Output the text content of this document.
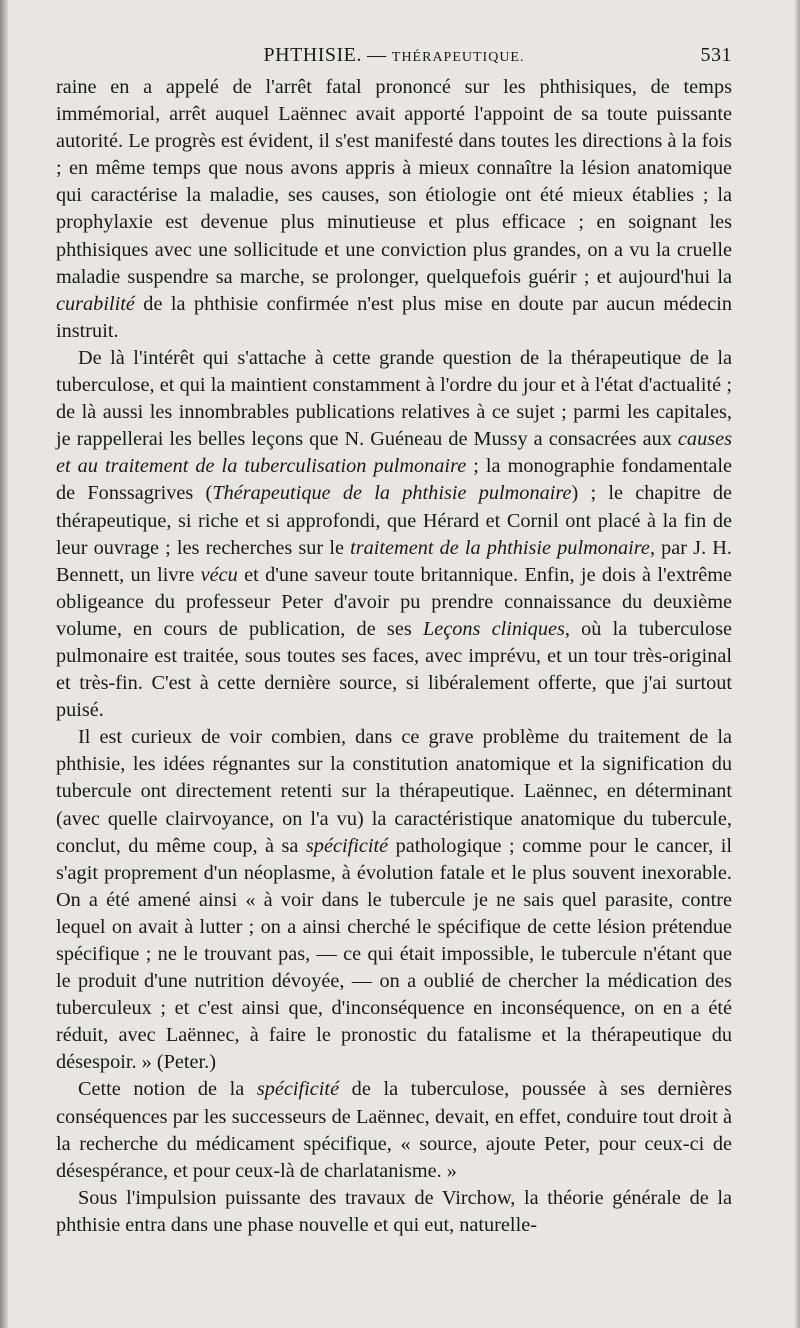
PHTHISIE. — THÉRAPEUTIQUE.	531

raine en a appelé de l'arrêt fatal prononcé sur les phthisiques, de temps immémorial, arrêt auquel Laënnec avait apporté l'appoint de sa toute puissante autorité. Le progrès est évident, il s'est manifesté dans toutes les directions à la fois ; en même temps que nous avons appris à mieux connaître la lésion anatomique qui caractérise la maladie, ses causes, son étiologie ont été mieux établies ; la prophylaxie est devenue plus minutieuse et plus efficace ; en soignant les phthisiques avec une sollicitude et une conviction plus grandes, on a vu la cruelle maladie suspendre sa marche, se prolonger, quelquefois guérir ; et aujourd'hui la curabilité de la phthisie confirmée n'est plus mise en doute par aucun médecin instruit.

De là l'intérêt qui s'attache à cette grande question de la thérapeutique de la tuberculose, et qui la maintient constamment à l'ordre du jour et à l'état d'actualité ; de là aussi les innombrables publications relatives à ce sujet ; parmi les capitales, je rappellerai les belles leçons que N. Guéneau de Mussy a consacrées aux causes et au traitement de la tuberculisation pulmonaire ; la monographie fondamentale de Fonssagrives (Thérapeutique de la phthisie pulmonaire) ; le chapitre de thérapeutique, si riche et si approfondi, que Hérard et Cornil ont placé à la fin de leur ouvrage ; les recherches sur le traitement de la phthisie pulmonaire, par J. H. Bennett, un livre vécu et d'une saveur toute britannique. Enfin, je dois à l'extrême obligeance du professeur Peter d'avoir pu prendre connaissance du deuxième volume, en cours de publication, de ses Leçons cliniques, où la tuberculose pulmonaire est traitée, sous toutes ses faces, avec imprévu, et un tour très-original et très-fin. C'est à cette dernière source, si libéralement offerte, que j'ai surtout puisé.

Il est curieux de voir combien, dans ce grave problème du traitement de la phthisie, les idées régnantes sur la constitution anatomique et la signification du tubercule ont directement retenti sur la thérapeutique. Laënnec, en déterminant (avec quelle clairvoyance, on l'a vu) la caractéristique anatomique du tubercule, conclut, du même coup, à sa spécificité pathologique ; comme pour le cancer, il s'agit proprement d'un néoplasme, à évolution fatale et le plus souvent inexorable. On a été amené ainsi « à voir dans le tubercule je ne sais quel parasite, contre lequel on avait à lutter ; on a ainsi cherché le spécifique de cette lésion prétendue spécifique ; ne le trouvant pas, — ce qui était impossible, le tubercule n'étant que le produit d'une nutrition dévoyée, — on a oublié de chercher la médication des tuberculeux ; et c'est ainsi que, d'inconséquence en inconséquence, on en a été réduit, avec Laënnec, à faire le pronostic du fatalisme et la thérapeutique du désespoir. » (Peter.)

Cette notion de la spécificité de la tuberculose, poussée à ses dernières conséquences par les successeurs de Laënnec, devait, en effet, conduire tout droit à la recherche du médicament spécifique, « source, ajoute Peter, pour ceux-ci de désespérance, et pour ceux-là de charlatanisme. »

Sous l'impulsion puissante des travaux de Virchow, la théorie générale de la phthisie entra dans une phase nouvelle et qui eut, naturelle-
